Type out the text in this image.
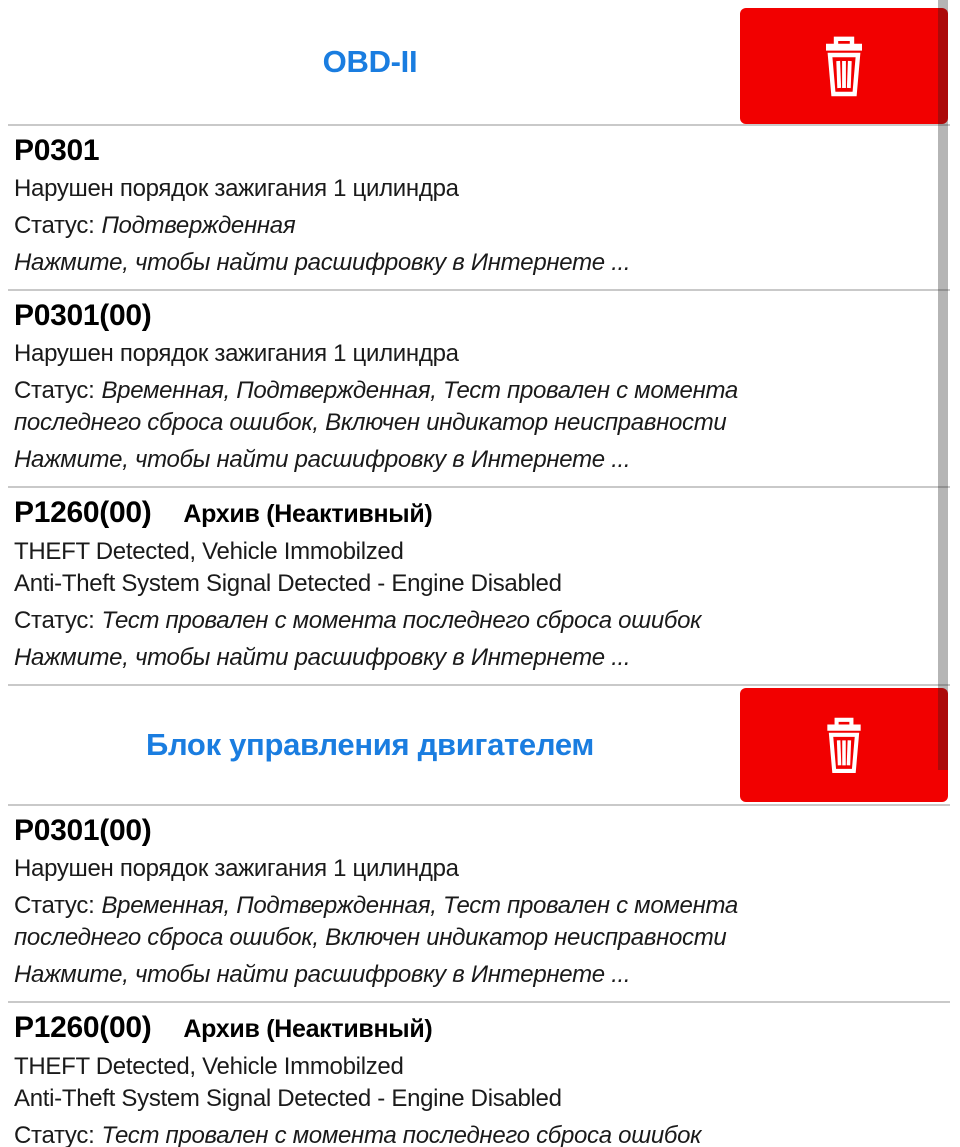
OBD-II
P0301
Нарушен порядок зажигания 1 цилиндра
Статус: Подтвержденная
Нажмите, чтобы найти расшифровку в Интернете ...
P0301(00)
Нарушен порядок зажигания 1 цилиндра
Статус: Временная, Подтвержденная, Тест провален с момента
последнего сброса ошибок, Включен индикатор неисправности
Нажмите, чтобы найти расшифровку в Интернете ...
P1260(00) Архив (Неактивный)
THEFT Detected, Vehicle Immobilzed
Anti-Theft System Signal Detected - Engine Disabled
Статус: Тест провален с момента последнего сброса ошибок
Нажмите, чтобы найти расшифровку в Интернете ...
Блок управления двигателем
P0301(00)
Нарушен порядок зажигания 1 цилиндра
Статус: Временная, Подтвержденная, Тест провален с момента
последнего сброса ошибок, Включен индикатор неисправности
Нажмите, чтобы найти расшифровку в Интернете ...
P1260(00) Архив (Неактивный)
THEFT Detected, Vehicle Immobilzed
Anti-Theft System Signal Detected - Engine Disabled
Статус: Тест провален с момента последнего сброса ошибок
